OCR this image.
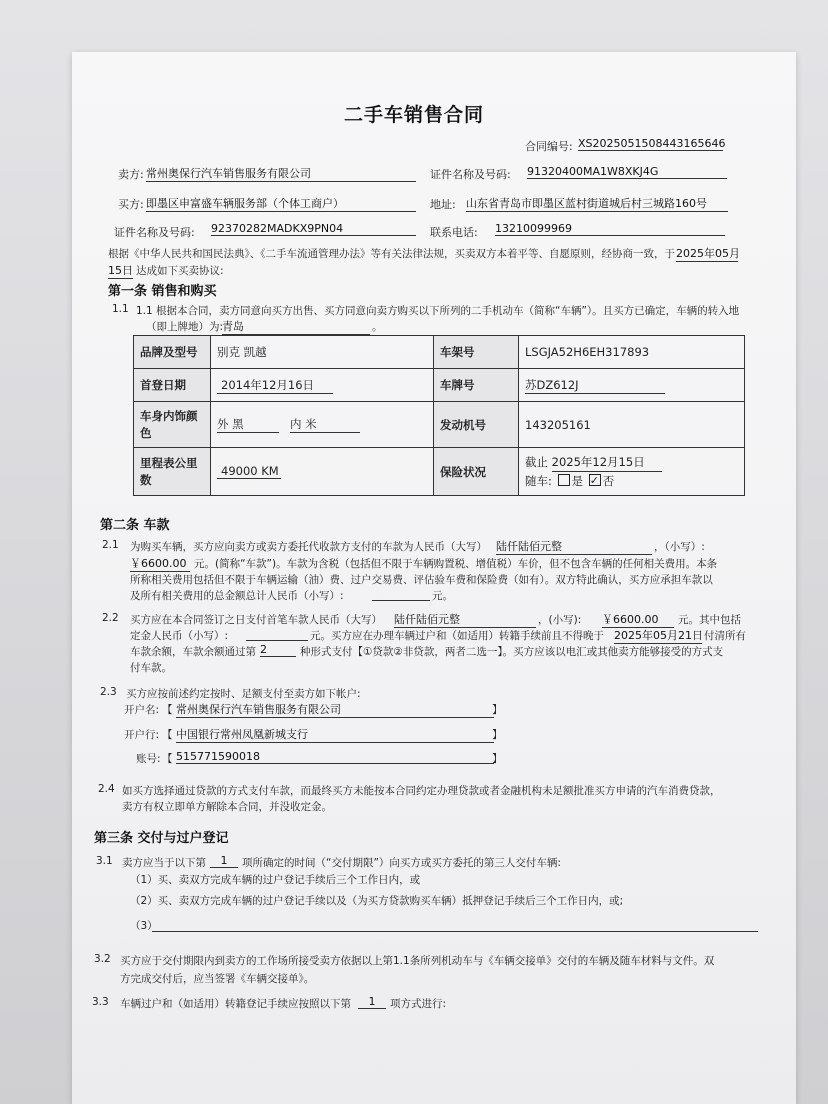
二手车销售合同
合同编号: XS2025051508443165646
卖方: 常州奥保行汽车销售服务有限公司	证件名称及号码: 91320400MA1W8XKJ4G
买方: 即墨区申富盛车辆服务部（个体工商户）	地址: 山东省青岛市即墨区蓝村街道城后村三城路160号
证件名称及号码: 92370282MADKX9PN04	联系电话: 13210099969
根据《中华人民共和国民法典》、《二手车流通管理办法》等有关法律法规，买卖双方本着平等、自愿原则，经协商一致，于 2025年05月
15日 达成如下买卖协议:
第一条 销售和购买
1.1 1.1 根据本合同，卖方同意向买方出售、买方同意向卖方购买以下所列的二手机动车（简称“车辆”）。且买方已确定，车辆的转入地
（即上牌地）为:
青岛	。
品牌及型号	别克 凯越	车架号	LSGJA52H6EH317893
首登日期	2014年12月16日	车牌号	苏DZ612J
车身内饰颜
色	外 黑 内 米	发动机号	143205161
里程表公里
数	49000 KM	保险状况	截止 2025年12月15日
随车: 是 ✓ 否
第二条 车款
2.1 为购买车辆，买方应向卖方或卖方委托代收款方支付的车款为人民币（大写） 陆仟陆佰元整	，（小写）:
￥6600.00 元。(简称“车款”)。车款为含税（包括但不限于车辆购置税、增值税）车价，但不包含车辆的任何相关费用。本条
所称相关费用包括但不限于车辆运输（油）费、过户交易费、评估验车费和保险费（如有）。双方特此确认，买方应承担车款以
及所有相关费用的总金额总计人民币（小写）:	元。
2.2 买方应在本合同签订之日支付首笔车款人民币（大写） 陆仟陆佰元整	，(小写): ￥6600.00	元。其中包括
定金人民币（小写）:	元。买方应在办理车辆过户和（如适用）转籍手续前且不得晚于 2025年05月21日 付清所有
车款余额，车款余额通过第 2	种形式支付【①贷款②非贷款，两者二选一】。买方应该以电汇或其他卖方能够接受的方式支
付车款。
2.3 买方应按前述约定按时、足额支付至卖方如下帐户:
开户名: 【 常州奥保行汽车销售服务有限公司	】
开户行: 【 中国银行常州凤凰新城支行	】
账号: 【 515771590018	】
2.4 如买方选择通过贷款的方式支付车款，而最终买方未能按本合同约定办理贷款或者金融机构未足额批准买方申请的汽车消费贷款，
卖方有权立即单方解除本合同，并没收定金。
第三条 交付与过户登记
3.1 卖方应当于以下第	1	项所确定的时间（“交付期限”）向买方或买方委托的第三人交付车辆:
（1）买、卖双方完成车辆的过户登记手续后三个工作日内，或
（2）买、卖双方完成车辆的过户登记手续以及（为买方贷款购买车辆）抵押登记手续后三个工作日内，或;
（3）
3.2 买方应于交付期限内到卖方的工作场所接受卖方依据以上第1.1条所列机动车与《车辆交接单》交付的车辆及随车材料与文件。双
方完成交付后，应当签署《车辆交接单》。
3.3 车辆过户和（如适用）转籍登记手续应按照以下第	1	项方式进行:
